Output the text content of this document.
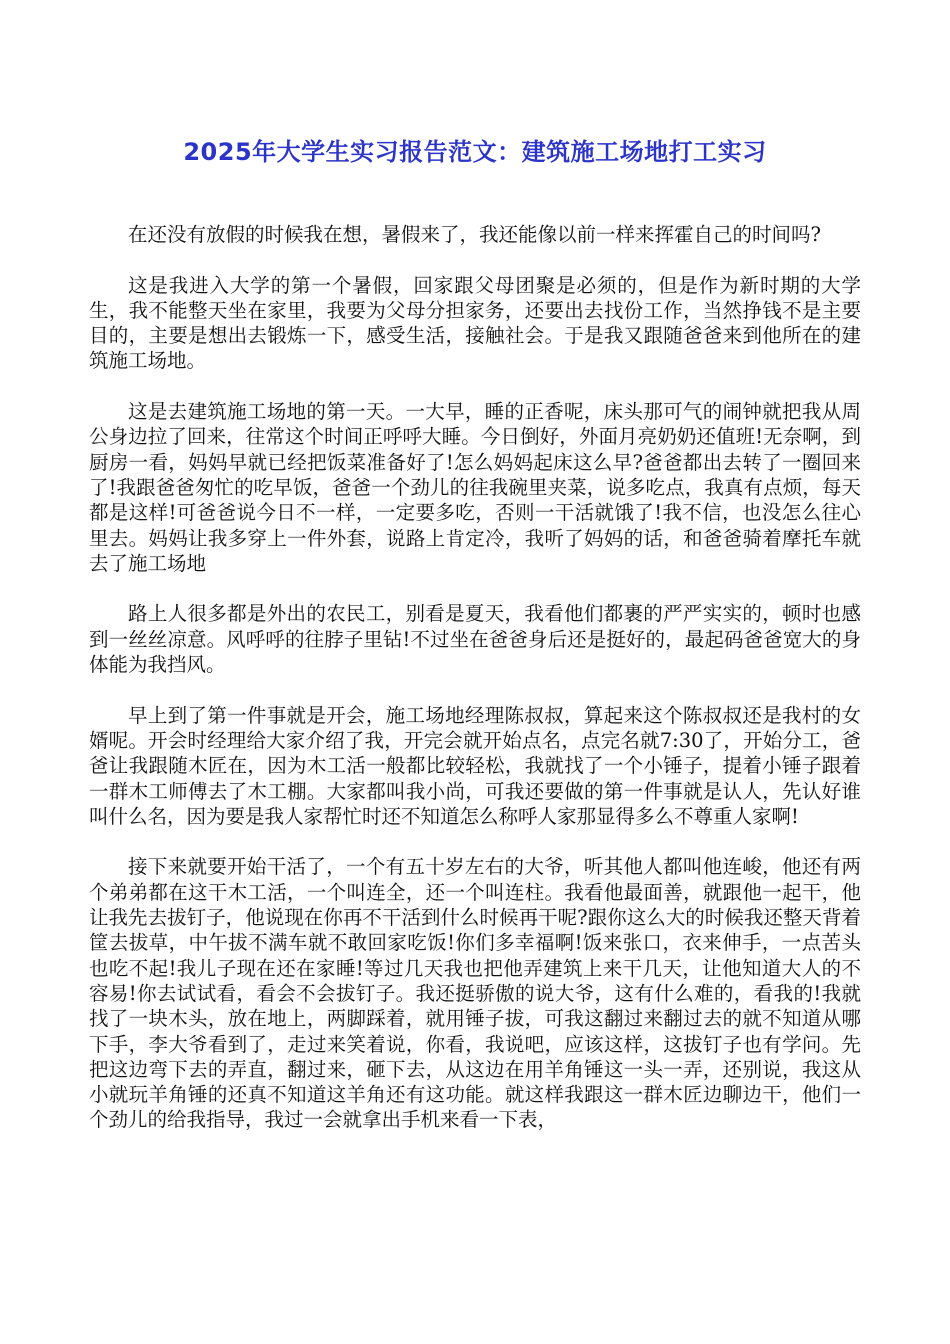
2025年大学生实习报告范文：建筑施工场地打工实习

在还没有放假的时候我在想，暑假来了，我还能像以前一样来挥霍自己的时间吗?

这是我进入大学的第一个暑假，回家跟父母团聚是必须的，但是作为新时期的大学生，我不能整天坐在家里，我要为父母分担家务，还要出去找份工作，当然挣钱不是主要目的，主要是想出去锻炼一下，感受生活，接触社会。于是我又跟随爸爸来到他所在的建筑施工场地。

这是去建筑施工场地的第一天。一大早，睡的正香呢，床头那可气的闹钟就把我从周公身边拉了回来，往常这个时间正呼呼大睡。今日倒好，外面月亮奶奶还值班!无奈啊，到厨房一看，妈妈早就已经把饭菜准备好了!怎么妈妈起床这么早?爸爸都出去转了一圈回来了!我跟爸爸匆忙的吃早饭，爸爸一个劲儿的往我碗里夹菜，说多吃点，我真有点烦，每天都是这样!可爸爸说今日不一样，一定要多吃，否则一干活就饿了!我不信，也没怎么往心里去。妈妈让我多穿上一件外套，说路上肯定冷，我听了妈妈的话，和爸爸骑着摩托车就去了施工场地

路上人很多都是外出的农民工，别看是夏天，我看他们都裹的严严实实的，顿时也感到一丝丝凉意。风呼呼的往脖子里钻!不过坐在爸爸身后还是挺好的，最起码爸爸宽大的身体能为我挡风。

早上到了第一件事就是开会，施工场地经理陈叔叔，算起来这个陈叔叔还是我村的女婿呢。开会时经理给大家介绍了我，开完会就开始点名，点完名就7:30了，开始分工，爸爸让我跟随木匠在，因为木工活一般都比较轻松，我就找了一个小锤子，提着小锤子跟着一群木工师傅去了木工棚。大家都叫我小尚，可我还要做的第一件事就是认人，先认好谁叫什么名，因为要是我人家帮忙时还不知道怎么称呼人家那显得多么不尊重人家啊!

接下来就要开始干活了，一个有五十岁左右的大爷，听其他人都叫他连峻，他还有两个弟弟都在这干木工活，一个叫连全，还一个叫连柱。我看他最面善，就跟他一起干，他让我先去拔钉子，他说现在你再不干活到什么时候再干呢?跟你这么大的时候我还整天背着筐去拔草，中午拔不满车就不敢回家吃饭!你们多幸福啊!饭来张口，衣来伸手，一点苦头也吃不起!我儿子现在还在家睡!等过几天我也把他弄建筑上来干几天，让他知道大人的不容易!你去试试看，看会不会拔钉子。我还挺骄傲的说大爷，这有什么难的，看我的!我就找了一块木头，放在地上，两脚踩着，就用锤子拔，可我这翻过来翻过去的就不知道从哪下手，李大爷看到了，走过来笑着说，你看，我说吧，应该这样，这拔钉子也有学问。先把这边弯下去的弄直，翻过来，砸下去，从这边在用羊角锤这一头一弄，还别说，我这从小就玩羊角锤的还真不知道这羊角还有这功能。就这样我跟这一群木匠边聊边干，他们一个劲儿的给我指导，我过一会就拿出手机来看一下表，
